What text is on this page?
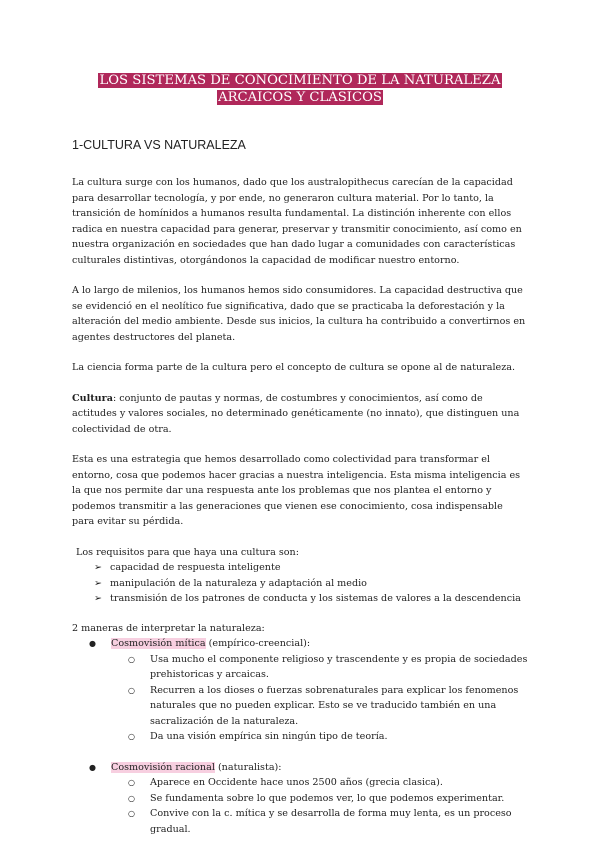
LOS SISTEMAS DE CONOCIMIENTO DE LA NATURALEZA
ARCAICOS Y CLÁSICOS
1-CULTURA VS NATURALEZA

La cultura surge con los humanos, dado que los australopithecus carecían de la capacidad para desarrollar tecnología, y por ende, no generaron cultura material. Por lo tanto, la transición de homínidos a humanos resulta fundamental. La distinción inherente con ellos radica en nuestra capacidad para generar, preservar y transmitir conocimiento, así como en nuestra organización en sociedades que han dado lugar a comunidades con características culturales distintivas, otorgándonos la capacidad de modificar nuestro entorno.

A lo largo de milenios, los humanos hemos sido consumidores. La capacidad destructiva que se evidenció en el neolítico fue significativa, dado que se practicaba la deforestación y la alteración del medio ambiente. Desde sus inicios, la cultura ha contribuido a convertirnos en agentes destructores del planeta.

La ciencia forma parte de la cultura pero el concepto de cultura se opone al de naturaleza.

Cultura: conjunto de pautas y normas, de costumbres y conocimientos, así como de actitudes y valores sociales, no determinado genéticamente (no innato), que distinguen una colectividad de otra.

Esta es una estrategia que hemos desarrollado como colectividad para transformar el entorno, cosa que podemos hacer gracias a nuestra inteligencia. Esta misma inteligencia es la que nos permite dar una respuesta ante los problemas que nos plantea el entorno y podemos transmitir a las generaciones que vienen ese conocimiento, cosa indispensable para evitar su pérdida.

Los requisitos para que haya una cultura son:
➢ capacidad de respuesta inteligente
➢ manipulación de la naturaleza y adaptación al medio
➢ transmisión de los patrones de conducta y los sistemas de valores a la descendencia
2 maneras de interpretar la naturaleza:
● Cosmovisión mítica (empírico-creencial):
○ Usa mucho el componente religioso y trascendente y es propia de sociedades prehistoricas y arcaicas.
○ Recurren a los dioses o fuerzas sobrenaturales para explicar los fenomenos naturales que no pueden explicar. Esto se ve traducido también en una sacralización de la naturaleza.
○ Da una visión empírica sin ningún tipo de teoría.
● Cosmovisión racional (naturalista):
○ Aparece en Occidente hace unos 2500 años (grecia clasica).
○ Se fundamenta sobre lo que podemos ver, lo que podemos experimentar.
○ Convive con la c. mítica y se desarrolla de forma muy lenta, es un proceso gradual.
